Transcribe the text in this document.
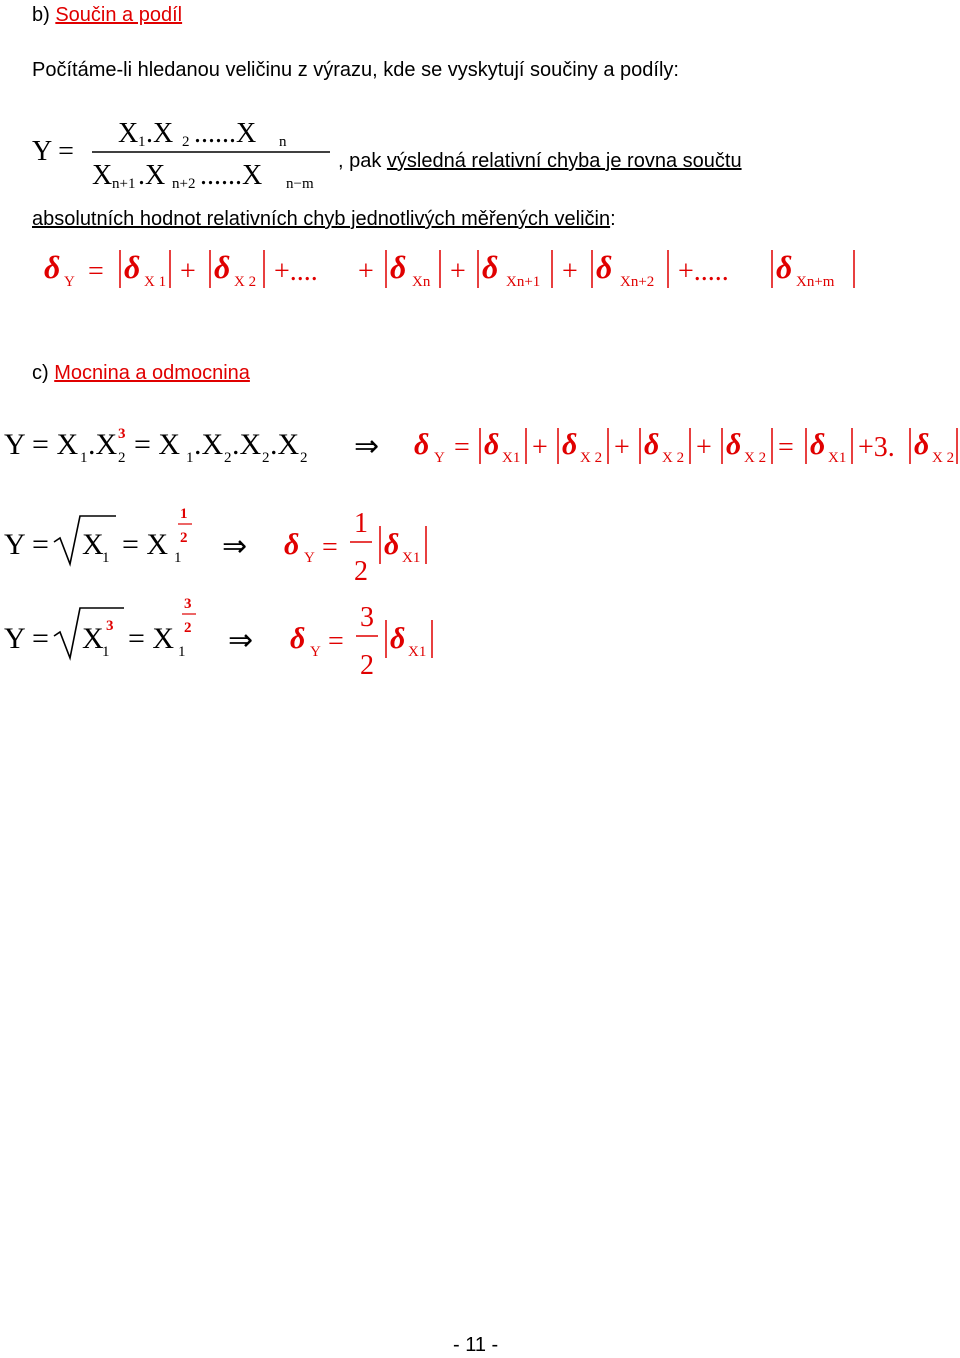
b) Součin a podíl
Počítáme-li hledanou veličinu z výrazu, kde se vyskytují součiny a podíly:
Y =
X 1 .X 2 ......X n
X n+1 .X n+2 ......X n−m
, pak výsledná relativní chyba je rovna součtu
absolutních hodnot relativních chyb jednotlivých měřených veličin:
δ Y = δ X 1 + δ X 2 +.... + δ Xn + δ Xn+1 + δ Xn+2 +..... δ Xn+m
c) Mocnina a odmocnina
Y = X 1 .X 2
3 = X 1 .X 2 .X 2 .X 2 ⇒ δ Y = δ X1 + δ X 2 + δ X 2 + δ X 2 = δ X1 +3. δ X 2
Y = X
1 = X 1
1
2 ⇒ δ Y =
1
2
δ X1
Y = X
1
3 = X 1
3
2 ⇒ δ Y =
3
2
δ X1
- 11 -
